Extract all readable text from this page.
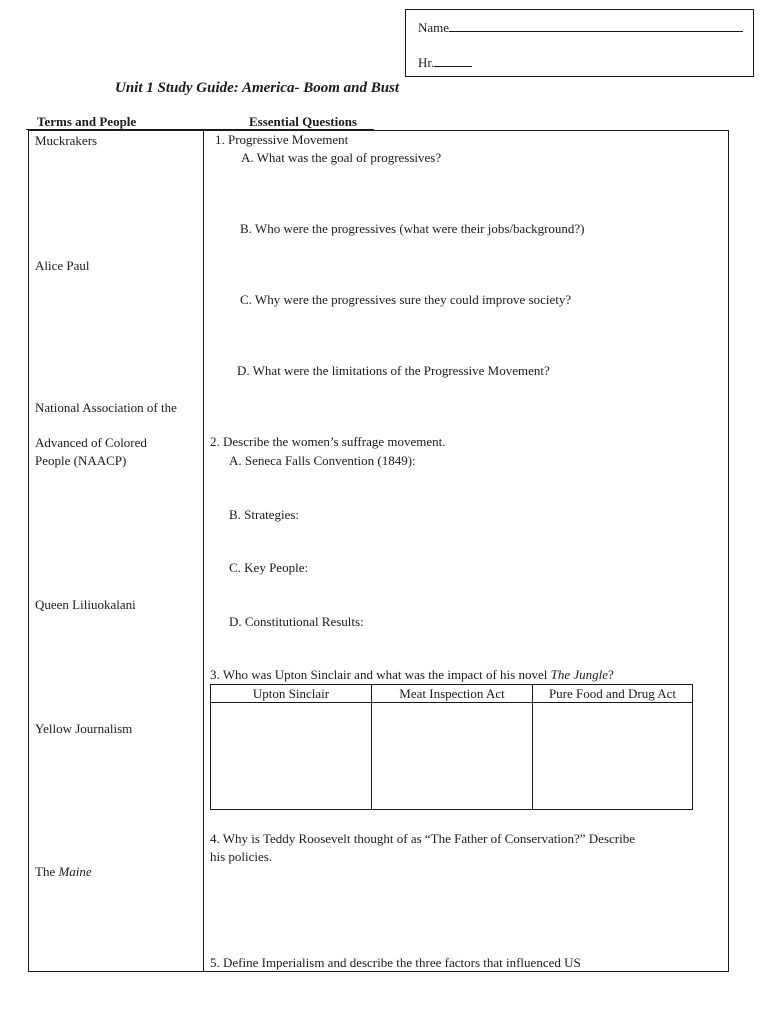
Name
Hr.
Unit 1 Study Guide: America- Boom and Bust
Terms and People	Essential Questions
Muckrakers
Alice Paul
National Association of the
Advanced of Colored
People (NAACP)
Queen Liliuokalani
Yellow Journalism
The Maine
1. Progressive Movement
A. What was the goal of progressives?
B. Who were the progressives (what were their jobs/background?)
C. Why were the progressives sure they could improve society?
D. What were the limitations of the Progressive Movement?
2. Describe the women’s suffrage movement.
A. Seneca Falls Convention (1849):
B. Strategies:
C. Key People:
D. Constitutional Results:
3. Who was Upton Sinclair and what was the impact of his novel The Jungle?
Upton Sinclair	Meat Inspection Act	Pure Food and Drug Act

4. Why is Teddy Roosevelt thought of as “The Father of Conservation?” Describe
his policies.
5. Define Imperialism and describe the three factors that influenced US
